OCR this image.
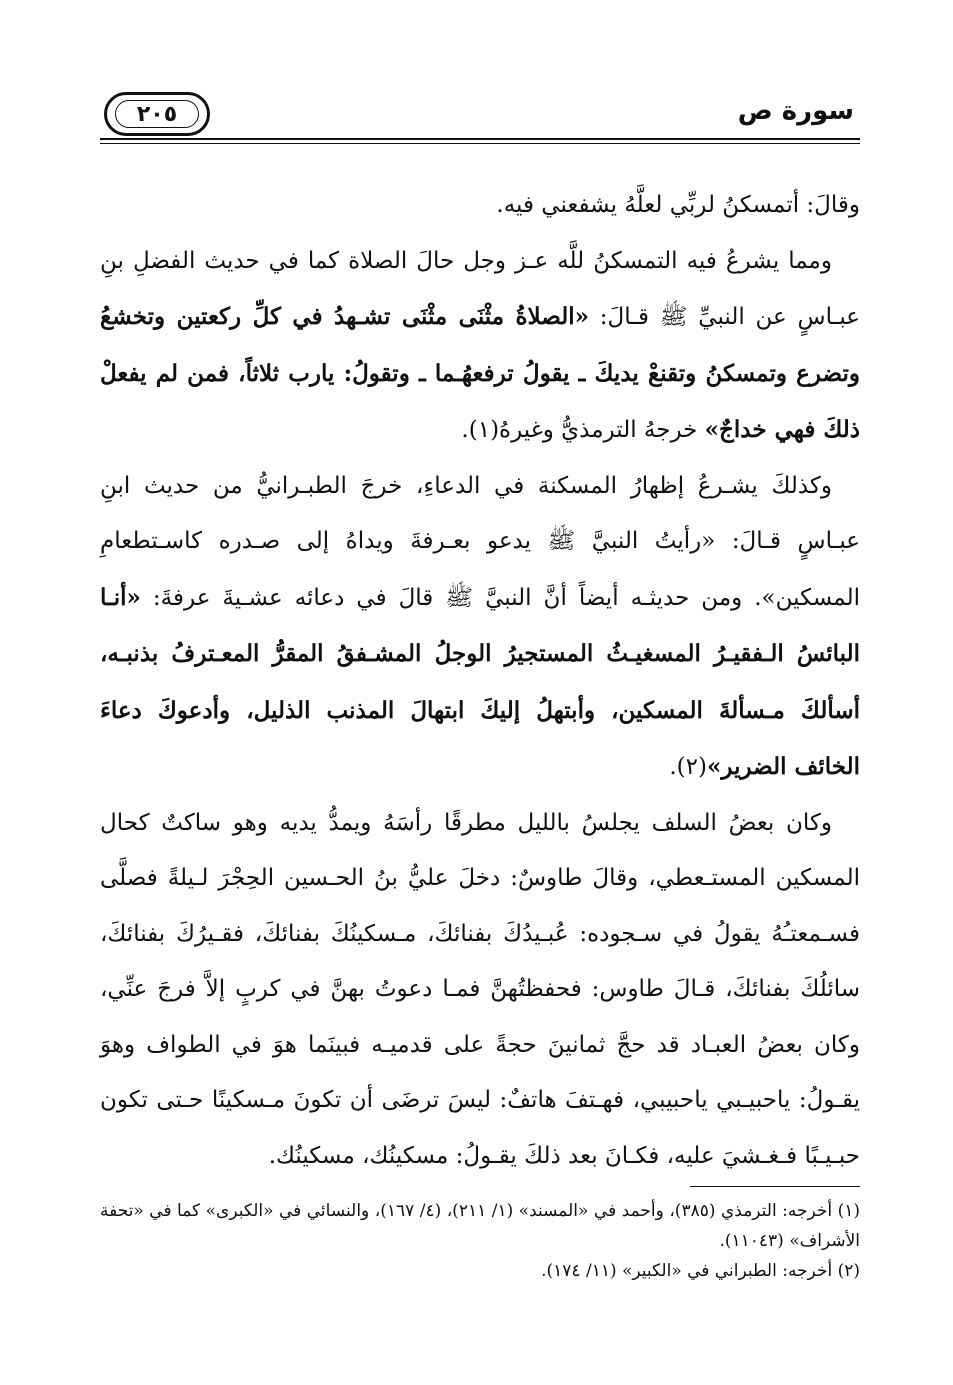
٢٠٥	سورة ص

وقالَ: أتمسكنُ لربِّي لعلَّهُ يشفعني فيه.

ومما يشرعُ فيه التمسكنُ للَّه عـز وجل حالَ الصلاة كما في حديث الفضلِ بنِ عبـاسٍ عن النبيِّ ﷺ قـالَ: «الصلاةُ مثْنَى مثْنَى تشـهدُ في كلِّ ركعتين وتخشعُ وتضرع وتمسكنُ وتقنعْ يديكَ ـ يقولُ ترفعهُـما ـ وتقولُ: يارب ثلاثاً، فمن لم يفعلْ ذلكَ فهي خداجٌ» خرجهُ الترمذيُّ وغيرهُ(١).

وكذلكَ يشـرعُ إظهارُ المسكنة في الدعاءِ، خرجَ الطبـرانيُّ من حديث ابنِ عبـاسٍ قـالَ: «رأيتُ النبيَّ ﷺ يدعو بعـرفةَ ويداهُ إلى صـدره كاسـتطعامِ المسكين». ومن حديثـه أيضاً أنَّ النبيَّ ﷺ قالَ في دعائه عشـيةَ عرفةَ: «أنـا البائسُ الـفقيـرُ المسغيـثُ المستجيرُ الوجلُ المشـفقُ المقرُّ المعـترفُ بذنبـه، أسألكَ مـسألةَ المسكين، وأبتهلُ إليكَ ابتهالَ المذنب الذليل، وأدعوكَ دعاءَ الخائف الضرير»(٢).

وكان بعضُ السلف يجلسُ بالليل مطرقًا رأسَهُ ويمدُّ يديه وهو ساكتٌ كحال المسكين المستـعطي، وقالَ طاوسٌ: دخلَ عليُّ بنُ الحـسين الحِجْرَ لـيلةً فصلَّى فسـمعتـُهُ يقولُ في سـجوده: عُبـيدُكَ بفنائكَ، مـسكينُكَ بفنائكَ، فقـيرُكَ بفنائكَ، سائلُكَ بفنائكَ، قـالَ طاوس: فحفظتُهنَّ فمـا دعوتُ بهنَّ في كربٍ إلاَّ فرجَ عنِّي، وكان بعضُ العبـاد قد حجَّ ثمانينَ حجةً على قدميـه فبينَما هوَ في الطواف وهوَ يقـولُ: ياحبيـبي ياحبيبي، فهـتفَ هاتفٌ: ليسَ ترضَى أن تكونَ مـسكينًا حـتى تكون حبـيـبًا فـغـشيَ عليه، فكـانَ بعد ذلكَ يقـولُ: مسكينُك، مسكينُك.

(١) أخرجه: الترمذي (٣٨٥)، وأحمد في «المسند» (١/ ٢١١)، (٤/ ١٦٧)، والنسائي في «الكبرى» كما في «تحفة الأشراف» (١١٠٤٣).

(٢) أخرجه: الطبراني في «الكبير» (١١/ ١٧٤).
